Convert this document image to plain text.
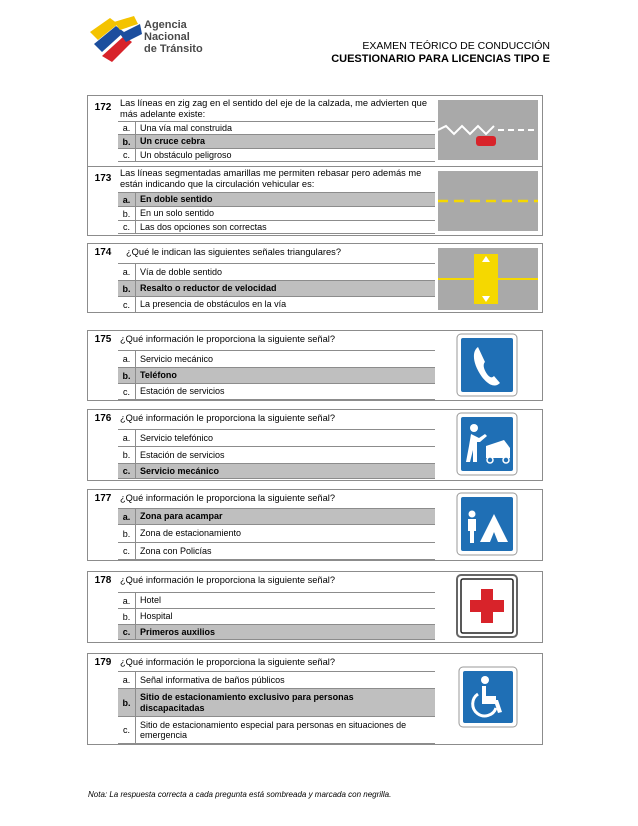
Agencia
Nacional
de Tránsito	EXAMEN TEÓRICO DE CONDUCCIÓN
CUESTIONARIO PARA LICENCIAS TIPO E
172 Las líneas en zig zag en el sentido del eje de la calzada, me advierten que más adelante existe:
a.	Una vía mal construida
b.	Un cruce cebra
c.	Un obstáculo peligroso
173 Las líneas segmentadas amarillas me permiten rebasar pero además me están indicando que la circulación vehicular es:
a.	En doble sentido
b.	En un solo sentido
c.	Las dos opciones son correctas
174	¿Qué le indican las siguientes señales triangulares?
a.	Vía de doble sentido
b.	Resalto o reductor de velocidad
c.	La presencia de obstáculos en la vía
175 ¿Qué información le proporciona la siguiente señal?
a.	Servicio mecánico
b.	Teléfono
c.	Estación de servicios
176 ¿Qué información le proporciona la siguiente señal?
a.	Servicio telefónico
b.	Estación de servicios
c.	Servicio mecánico
177 ¿Qué información le proporciona la siguiente señal?
a.	Zona para acampar
b.	Zona de estacionamiento
c.	Zona con Policías
178 ¿Qué información le proporciona la siguiente señal?
a.	Hotel
b.	Hospital
c.	Primeros auxilios
179 ¿Qué información le proporciona la siguiente señal?
a.	Señal informativa de baños públicos
b.
Sitio de estacionamiento exclusivo para personas discapacitadas
c.
Sitio de estacionamiento especial para personas en situaciones de emergencia
Nota: La respuesta correcta a cada pregunta está sombreada y marcada con negrilla.
